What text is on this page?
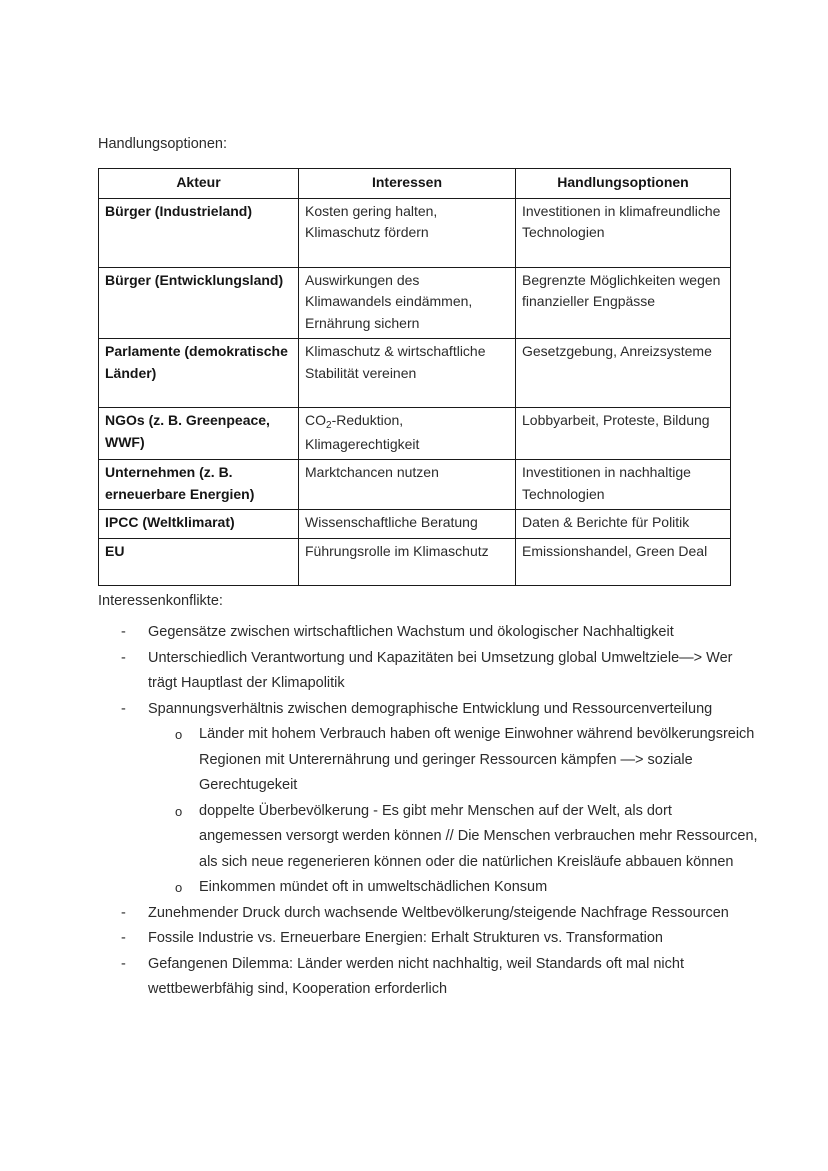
Handlungsoptionen:
Akteur	Interessen	Handlungsoptionen
Bürger (Industrieland)	Kosten gering halten, Klimaschutz fördern	Investitionen in klimafreundliche Technologien
Bürger (Entwicklungsland)	Auswirkungen des Klimawandels eindämmen, Ernährung sichern	Begrenzte Möglichkeiten wegen finanzieller Engpässe
Parlamente (demokratische Länder)	Klimaschutz & wirtschaftliche Stabilität vereinen	Gesetzgebung, Anreizsysteme
NGOs (z. B. Greenpeace, WWF)	$CO_2$-Reduktion, Klimagerechtigkeit	Lobbyarbeit, Proteste, Bildung
Unternehmen (z. B. erneuerbare Energien)	Marktchancen nutzen	Investitionen in nachhaltige Technologien
IPCC (Weltklimarat)	Wissenschaftliche Beratung	Daten & Berichte für Politik
EU	Führungsrolle im Klimaschutz	Emissionshandel, Green Deal
Interessenkonflikte:
-	Gegensätze zwischen wirtschaftlichen Wachstum und ökologischer Nachhaltigkeit
-	Unterschiedlich Verantwortung und Kapazitäten bei Umsetzung global Umweltziele—> Wer trägt Hauptlast der Klimapolitik
-	Spannungsverhältnis zwischen demographische Entwicklung und Ressourcenverteilung
o	Länder mit hohem Verbrauch haben oft wenige Einwohner während bevölkerungsreich Regionen mit Unterernährung und geringer Ressourcen kämpfen —> soziale Gerechtugekeit
o	doppelte Überbevölkerung - Es gibt mehr Menschen auf der Welt, als dort angemessen versorgt werden können // Die Menschen verbrauchen mehr Ressourcen, als sich neue regenerieren können oder die natürlichen Kreisläufe abbauen können
o	Einkommen mündet oft in umweltschädlichen Konsum
-	Zunehmender Druck durch wachsende Weltbevölkerung/steigende Nachfrage Ressourcen
-	Fossile Industrie vs. Erneuerbare Energien: Erhalt Strukturen vs. Transformation
-	Gefangenen Dilemma: Länder werden nicht nachhaltig, weil Standards oft mal nicht wettbewerbfähig sind, Kooperation erforderlich
